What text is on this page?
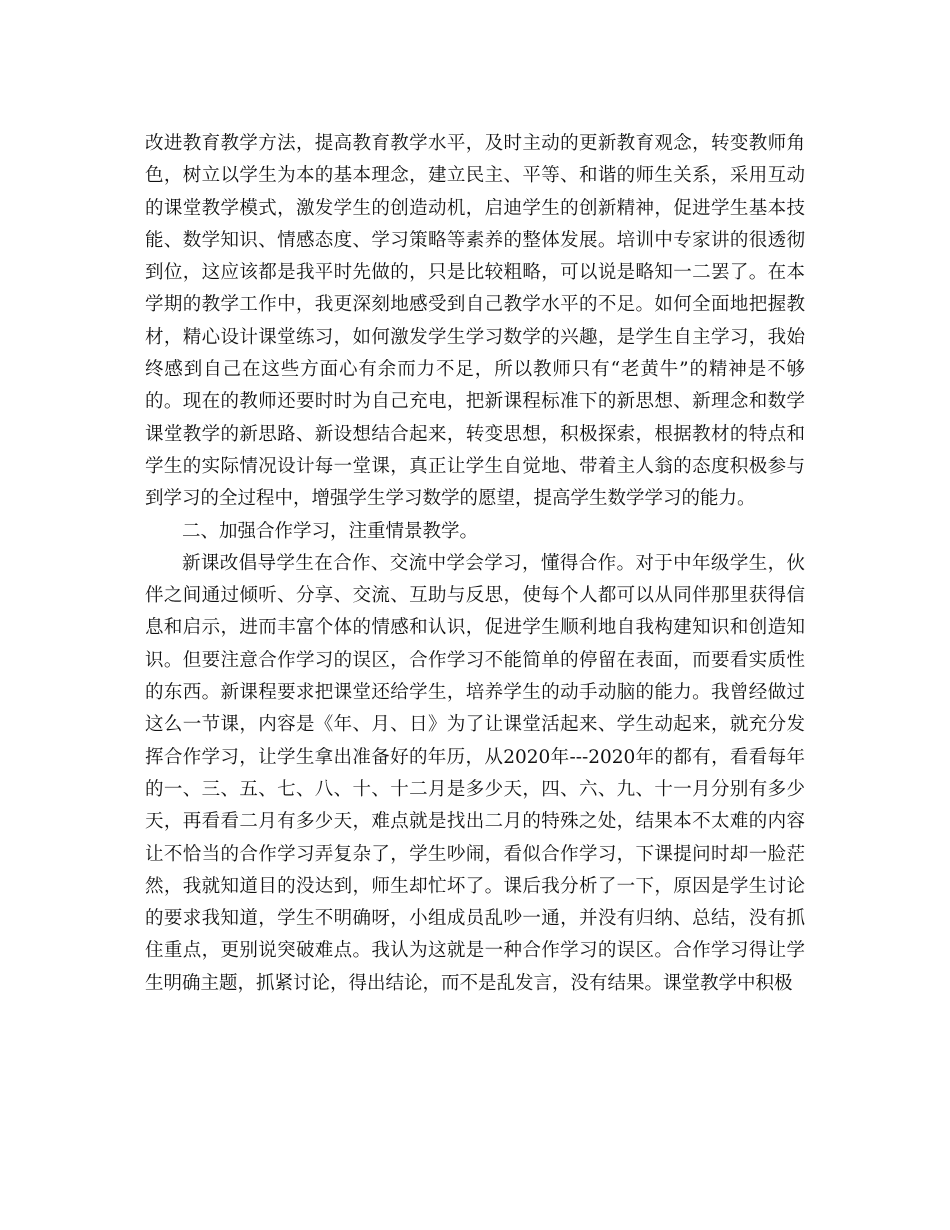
改进教育教学方法，提高教育教学水平，及时主动的更新教育观念，转变教师角色，树立以学生为本的基本理念，建立民主、平等、和谐的师生关系，采用互动的课堂教学模式，激发学生的创造动机，启迪学生的创新精神，促进学生基本技能、数学知识、情感态度、学习策略等素养的整体发展。培训中专家讲的很透彻到位，这应该都是我平时先做的，只是比较粗略，可以说是略知一二罢了。在本学期的教学工作中，我更深刻地感受到自己教学水平的不足。如何全面地把握教材，精心设计课堂练习，如何激发学生学习数学的兴趣，是学生自主学习，我始终感到自己在这些方面心有余而力不足，所以教师只有“老黄牛”的精神是不够的。现在的教师还要时时为自己充电，把新课程标准下的新思想、新理念和数学课堂教学的新思路、新设想结合起来，转变思想，积极探索，根据教材的特点和学生的实际情况设计每一堂课，真正让学生自觉地、带着主人翁的态度积极参与到学习的全过程中，增强学生学习数学的愿望，提高学生数学学习的能力。

二、加强合作学习，注重情景教学。

新课改倡导学生在合作、交流中学会学习，懂得合作。对于中年级学生，伙伴之间通过倾听、分享、交流、互助与反思，使每个人都可以从同伴那里获得信息和启示，进而丰富个体的情感和认识，促进学生顺利地自我构建知识和创造知识。但要注意合作学习的误区，合作学习不能简单的停留在表面，而要看实质性的东西。新课程要求把课堂还给学生，培养学生的动手动脑的能力。我曾经做过这么一节课，内容是《年、月、日》为了让课堂活起来、学生动起来，就充分发挥合作学习，让学生拿出准备好的年历，从2020年---2020年的都有，看看每年的一、三、五、七、八、十、十二月是多少天，四、六、九、十一月分别有多少天，再看看二月有多少天，难点就是找出二月的特殊之处，结果本不太难的内容让不恰当的合作学习弄复杂了，学生吵闹，看似合作学习，下课提问时却一脸茫然，我就知道目的没达到，师生却忙坏了。课后我分析了一下，原因是学生讨论的要求我知道，学生不明确呀，小组成员乱吵一通，并没有归纳、总结，没有抓住重点，更别说突破难点。我认为这就是一种合作学习的误区。合作学习得让学生明确主题，抓紧讨论，得出结论，而不是乱发言，没有结果。课堂教学中积极
